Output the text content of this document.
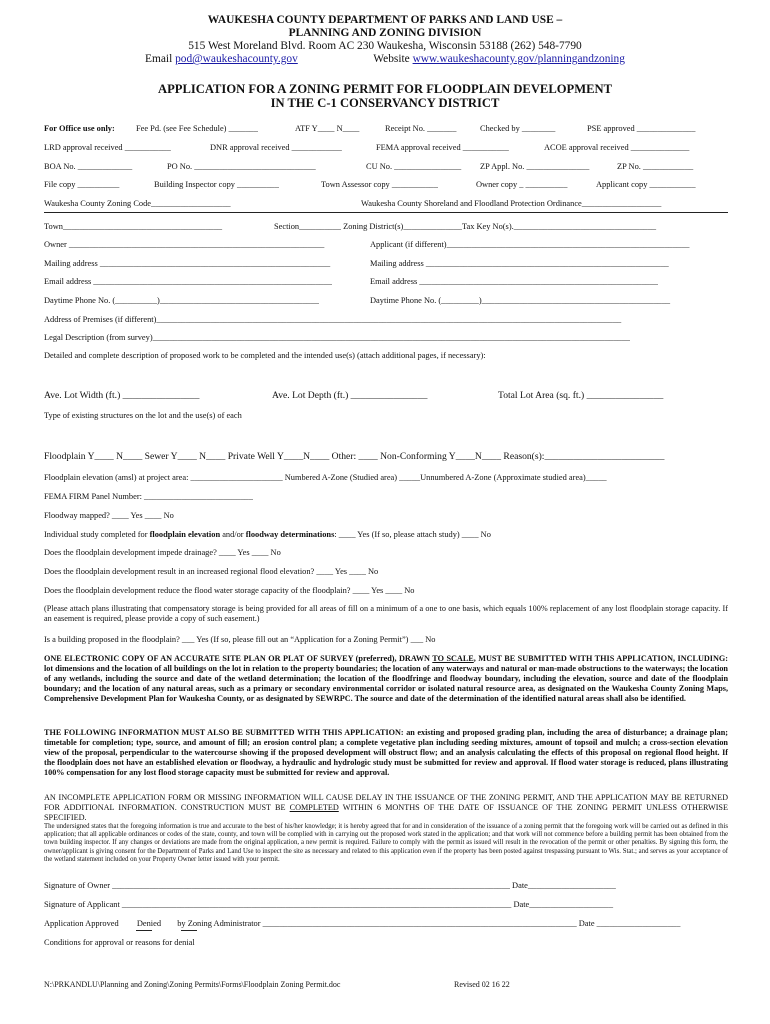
WAUKESHA COUNTY DEPARTMENT OF PARKS AND LAND USE –
PLANNING AND ZONING DIVISION
515 West Moreland Blvd. Room AC 230 Waukesha, Wisconsin 53188 (262) 548-7790
Email pod@waukeshacounty.gov	Website www.waukeshacounty.gov/planningandzoning
APPLICATION FOR A ZONING PERMIT FOR FLOODPLAIN DEVELOPMENT
IN THE C-1 CONSERVANCY DISTRICT
For Office use only:	Fee Pd. (see Fee Schedule) _______	ATF Y____ N____	Receipt No. _______	Checked by ________	PSE approved ______________
LRD approval received ___________	DNR approval received ____________	FEMA approval received ___________	ACOE approval received ______________
BOA No. _____________	PO No. _____________________________	CU No. ________________ ZP Appl. No. _______________	ZP No. ____________
File copy __________	Building Inspector copy __________	Town Assessor copy ___________	Owner copy _ __________	Applicant copy ___________
Waukesha County Zoning Code___________________	Waukesha County Shoreland and Floodland Protection Ordinance___________________
Town______________________________________	Section__________ Zoning District(s)______________Tax Key No(s).__________________________________
Owner _____________________________________________________________	Applicant (if different)__________________________________________________________
Mailing address _______________________________________________________	Mailing address __________________________________________________________
Email address _________________________________________________________	Email address _________________________________________________________
Daytime Phone No. (__________)______________________________________	Daytime Phone No. (_________)_____________________________________________
Address of Premises (if different)_______________________________________________________________________________________________________________
Legal Description (from survey)__________________________________________________________________________________________________________________
Detailed and complete description of proposed work to be completed and the intended use(s) (attach additional pages, if necessary):
Ave. Lot Width (ft.) ________________	Ave. Lot Depth (ft.) ________________	Total Lot Area (sq. ft.) ________________
Type of existing structures on the lot and the use(s) of each
Floodplain Y____ N____ Sewer Y____ N____ Private Well Y____N____ Other: ____ Non-Conforming Y____N____ Reason(s):_________________________
Floodplain elevation (amsl) at project area: ______________________ Numbered A-Zone (Studied area) _____Unnumbered A-Zone (Approximate studied area)_____
FEMA FIRM Panel Number: __________________________
Floodway mapped? ____ Yes ____ No
Individual study completed for floodplain elevation and/or floodway determinations: ____ Yes (If so, please attach study) ____ No
Does the floodplain development impede drainage? ____ Yes ____ No
Does the floodplain development result in an increased regional flood elevation? ____ Yes ____ No
Does the floodplain development reduce the flood water storage capacity of the floodplain? ____ Yes ____ No
(Please attach plans illustrating that compensatory storage is being provided for all areas of fill on a minimum of a one to one basis, which equals 100% replacement of any lost floodplain storage capacity. If an easement is required, please provide a copy of such easement.)
Is a building proposed in the floodplain? ___ Yes (If so, please fill out an “Application for a Zoning Permit”) ___ No
ONE ELECTRONIC COPY OF AN ACCURATE SITE PLAN OR PLAT OF SURVEY (preferred), DRAWN TO SCALE, MUST BE SUBMITTED WITH THIS APPLICATION, INCLUDING: lot dimensions and the location of all buildings on the lot in relation to the property boundaries; the location of any waterways and natural or man-made obstructions to the waterways; the location of any wetlands, including the source and date of the wetland determination; the location of the floodfringe and floodway boundary, including the elevation, source and date of the floodplain boundary; and the location of any natural areas, such as a primary or secondary environmental corridor or isolated natural resource area, as designated on the Waukesha County Zoning Maps, Comprehensive Development Plan for Waukesha County, or as designated by SEWRPC. The source and date of the determination of the identified natural areas shall also be identified.
THE FOLLOWING INFORMATION MUST ALSO BE SUBMITTED WITH THIS APPLICATION: an existing and proposed grading plan, including the area of disturbance; a drainage plan; timetable for completion; type, source, and amount of fill; an erosion control plan; a complete vegetative plan including seeding mixtures, amount of topsoil and mulch; a cross-section elevation view of the proposal, perpendicular to the watercourse showing if the proposed development will obstruct flow; and an analysis calculating the effects of this proposal on regional flood height. If the floodplain does not have an established elevation or floodway, a hydraulic and hydrologic study must be submitted for review and approval. If flood water storage is reduced, plans illustrating 100% compensation for any lost flood storage capacity must be submitted for review and approval.
AN INCOMPLETE APPLICATION FORM OR MISSING INFORMATION WILL CAUSE DELAY IN THE ISSUANCE OF THE ZONING PERMIT, AND THE APPLICATION MAY BE RETURNED FOR ADDITIONAL INFORMATION. CONSTRUCTION MUST BE COMPLETED WITHIN 6 MONTHS OF THE DATE OF ISSUANCE OF THE ZONING PERMIT UNLESS OTHERWISE SPECIFIED.
The undersigned states that the foregoing information is true and accurate to the best of his/her knowledge; it is hereby agreed that for and in consideration of the issuance of a zoning permit that the foregoing work will be carried out as defined in this application; that all applicable ordinances or codes of the state, county, and town will be complied with in carrying out the proposed work stated in the application; and that work will not commence before a building permit has been obtained from the town building inspector. If any changes or deviations are made from the original application, a new permit is required. Failure to comply with the permit as issued will result in the revocation of the permit or other penalties. By signing this form, the owner/applicant is giving consent for the Department of Parks and Land Use to inspect the site as necessary and related to this application even if the property has been posted against trespassing pursuant to Wis. Stat.; and serves as your acceptance of the wetland statement included on your Property Owner letter issued with your permit.
Signature of Owner _______________________________________________________________________________________________ Date_____________________
Signature of Applicant _____________________________________________________________________________________________ Date____________________
Application Approved Denied by Zoning Administrator ___________________________________________________________________________ Date ____________________
Conditions for approval or reasons for denial
N:\PRKANDLU\Planning and Zoning\Zoning Permits\Forms\Floodplain Zoning Permit.doc	Revised 02 16 22
